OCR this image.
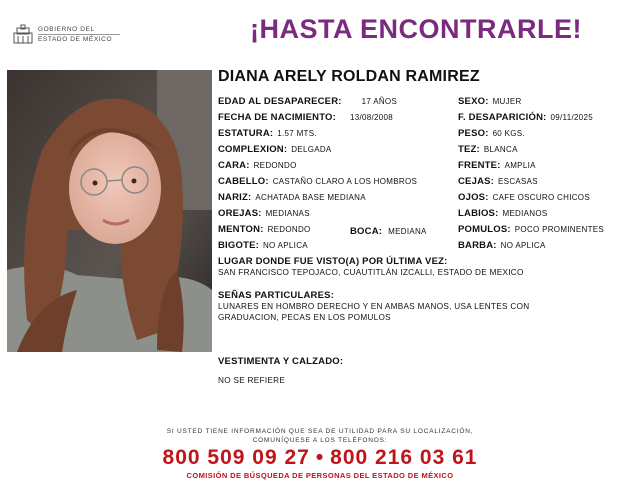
GOBIERNO DEL
ESTADO DE MÉXICO	¡HASTA ENCONTRARLE!
DIANA ARELY ROLDAN RAMIREZ
EDAD AL DESAPARECER:	17 AÑOS
FECHA DE NACIMIENTO: 13/08/2008
ESTATURA: 1.57 MTS.
COMPLEXION: DELGADA
CARA: REDONDO
CABELLO: CASTAÑO CLARO A LOS HOMBROS
NARIZ: ACHATADA BASE MEDIANA
OREJAS: MEDIANAS
MENTON: REDONDO
BIGOTE: NO APLICA
BOCA: MEDIANA
SEXO: MUJER
F. DESAPARICIÓN: 09/11/2025
PESO: 60 KGS.
TEZ: BLANCA
FRENTE: AMPLIA
CEJAS: ESCASAS
OJOS: CAFE OSCURO CHICOS
LABIOS: MEDIANOS
POMULOS: POCO PROMINENTES
BARBA: NO APLICA
LUGAR DONDE FUE VISTO(A) POR ÚLTIMA VEZ:
SAN FRANCISCO TEPOJACO, CUAUTITLÁN IZCALLI, ESTADO DE MEXICO
SEÑAS PARTICULARES:
LUNARES EN HOMBRO DERECHO Y EN AMBAS MANOS, USA LENTES CON
GRADUACION, PECAS EN LOS POMULOS
VESTIMENTA Y CALZADO:
NO SE REFIERE
SI USTED TIENE INFORMACIÓN QUE SEA DE UTILIDAD PARA SU LOCALIZACIÓN,
COMUNÍQUESE A LOS TELÉFONOS:
800 509 09 27 • 800 216 03 61
COMISIÓN DE BÚSQUEDA DE PERSONAS DEL ESTADO DE MÉXICO
